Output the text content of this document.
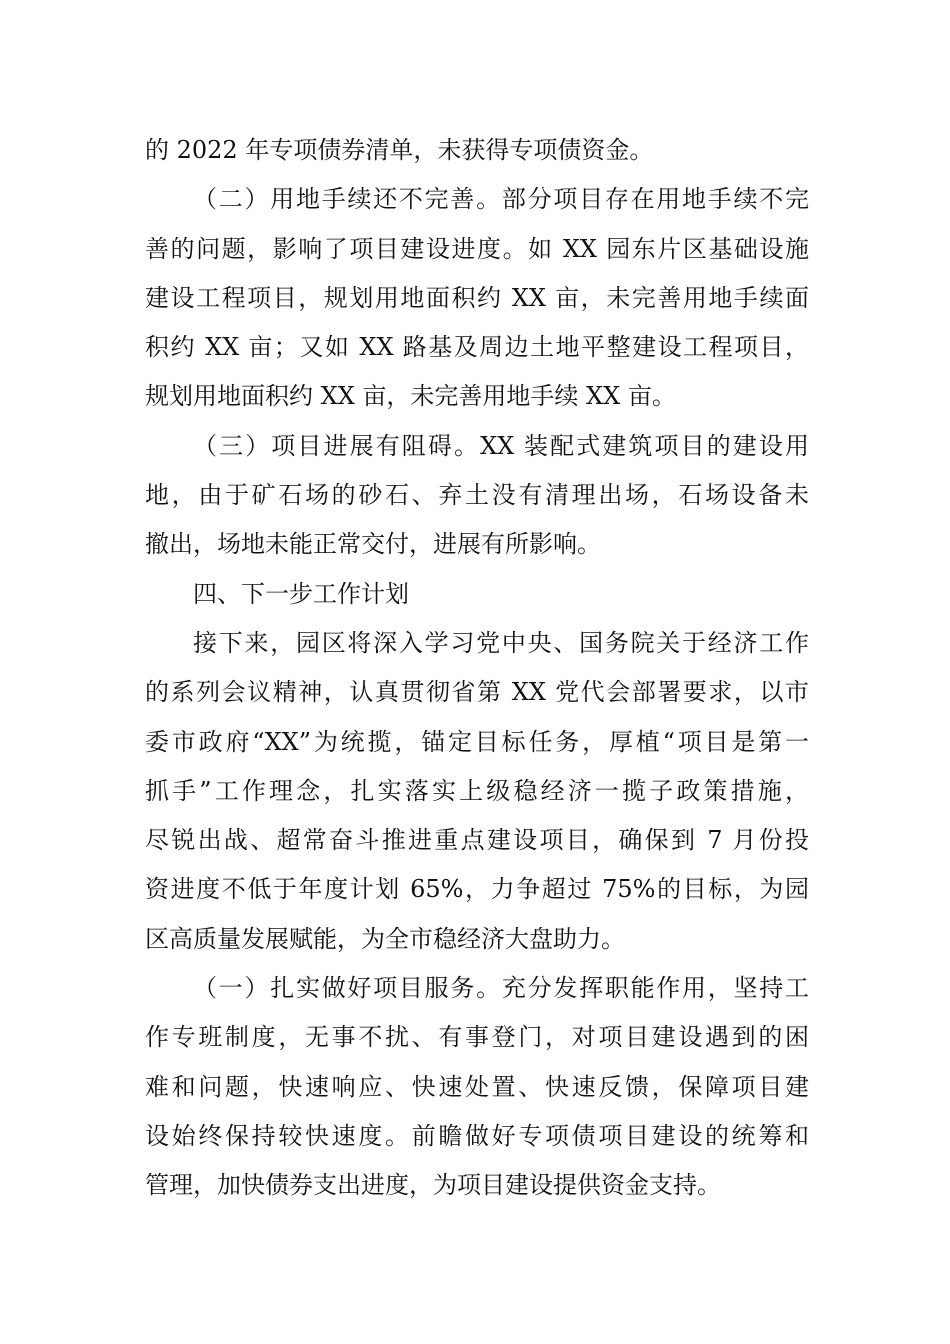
的 2022 年专项债券清单，未获得专项债资金。
（二）用地手续还不完善。部分项目存在用地手续不完
善的问题，影响了项目建设进度。如 XX 园东片区基础设施
建设工程项目，规划用地面积约 XX 亩，未完善用地手续面
积约 XX 亩；又如 XX 路基及周边土地平整建设工程项目，
规划用地面积约 XX 亩，未完善用地手续 XX 亩。
（三）项目进展有阻碍。XX 装配式建筑项目的建设用
地，由于矿石场的砂石、弃土没有清理出场，石场设备未
撤出，场地未能正常交付，进展有所影响。
四、下一步工作计划
接下来，园区将深入学习党中央、国务院关于经济工作
的系列会议精神，认真贯彻省第 XX 党代会部署要求，以市
委市政府“XX”为统揽，锚定目标任务，厚植“项目是第一
抓手”工作理念，扎实落实上级稳经济一揽子政策措施，
尽锐出战、超常奋斗推进重点建设项目，确保到 7 月份投
资进度不低于年度计划 65%，力争超过 75%的目标，为园
区高质量发展赋能，为全市稳经济大盘助力。
（一）扎实做好项目服务。充分发挥职能作用，坚持工
作专班制度，无事不扰、有事登门，对项目建设遇到的困
难和问题，快速响应、快速处置、快速反馈，保障项目建
设始终保持较快速度。前瞻做好专项债项目建设的统筹和
管理，加快债券支出进度，为项目建设提供资金支持。
